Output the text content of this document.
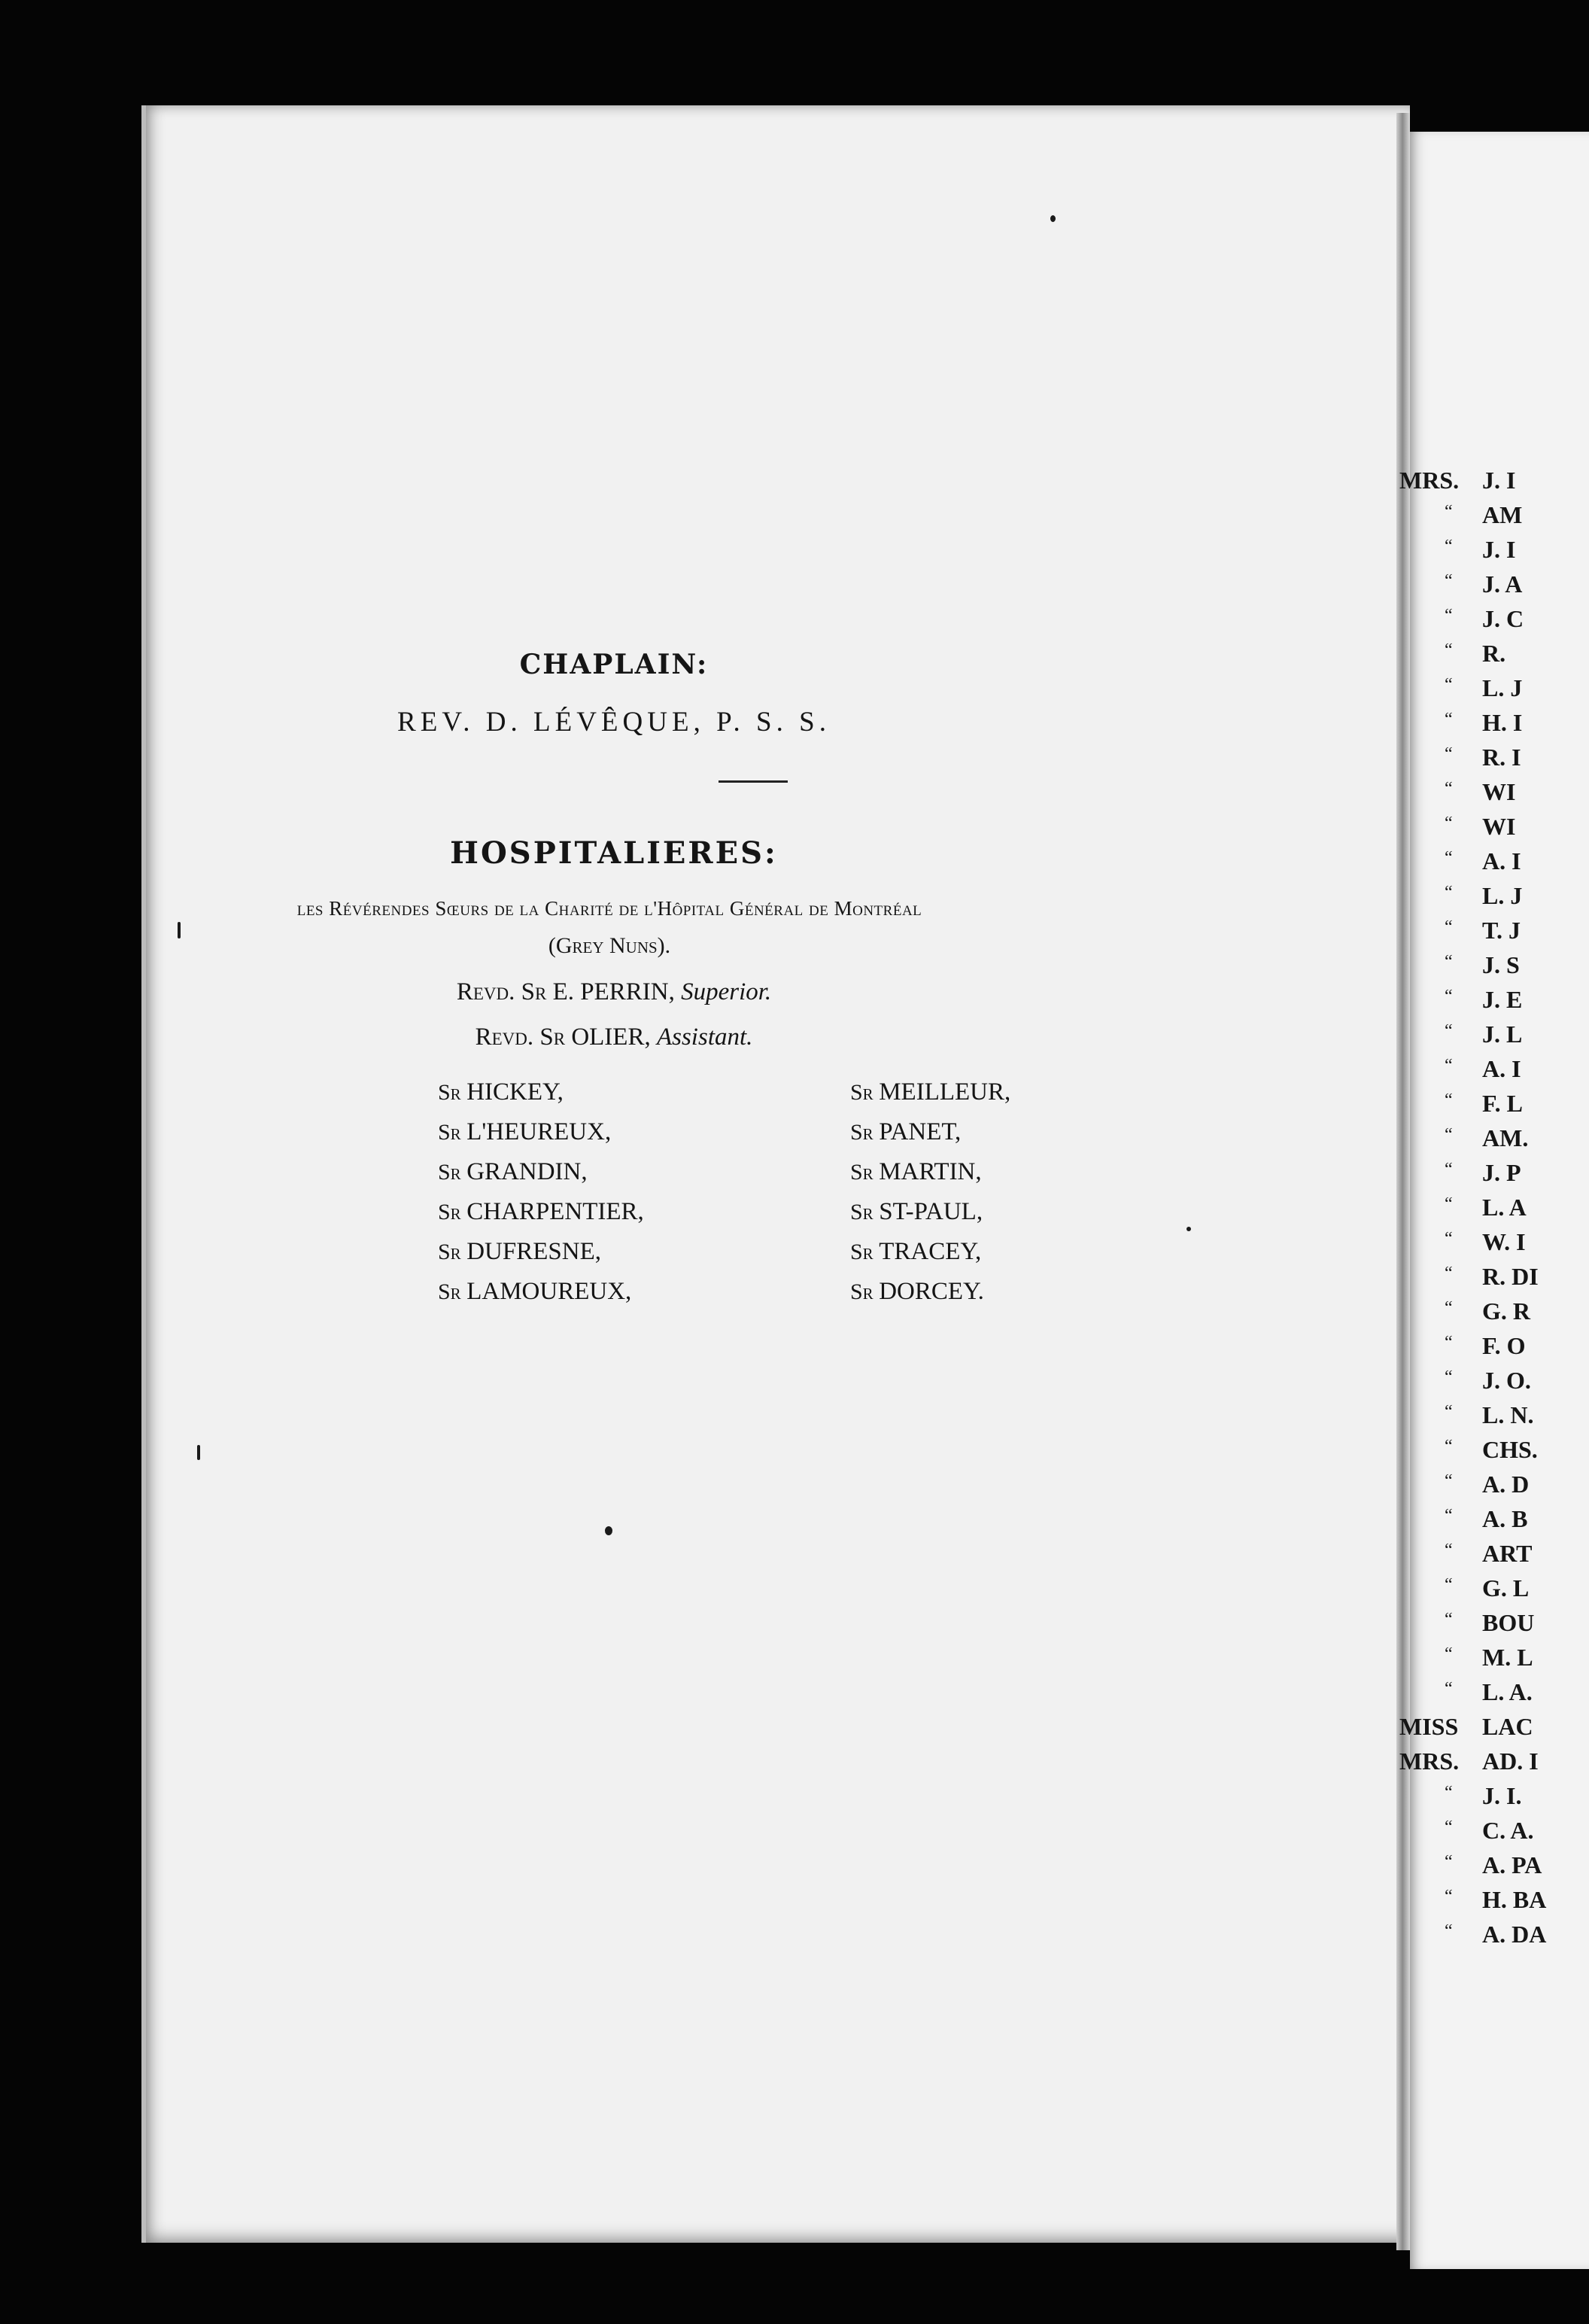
MRS. J. I
“ AM
“ J. I
“ J. A
“ J. C
“ R.
“ L. J
“ H. I
“ R. I
“ WI
“ WI
“ A. I
“ L. J
“ T. J
“ J. S
“ J. E
“ J. L
“ A. I
“ F. L
“ AM.
“ J. P
“ L. A
“ W. I
“ R. DI
“ G. R
“ F. O
“ J. O.
“ L. N.
“ CHS.
“ A. D
“ A. B
“ ART
“ G. L
“ BOU
“ M. L
“ L. A.
MISS LAC
MRS. AD. I
“ J. I.
“ C. A.
“ A. PA
“ H. BA
“ A. DA
CHAPLAIN:
REV. D. LÉVÊQUE, P. S. S.
HOSPITALIERES:
les Révérendes Sœurs de la Charité de l'Hôpital Général de Montréal
(Grey Nuns).
Revd. Sr E. PERRIN, Superior.
Revd. Sr OLIER, Assistant.
Sr HICKEY,
Sr L'HEUREUX,
Sr GRANDIN,
Sr CHARPENTIER,
Sr DUFRESNE,
Sr LAMOUREUX,
Sr MEILLEUR,
Sr PANET,
Sr MARTIN,
Sr ST-PAUL,
Sr TRACEY,
Sr DORCEY.
